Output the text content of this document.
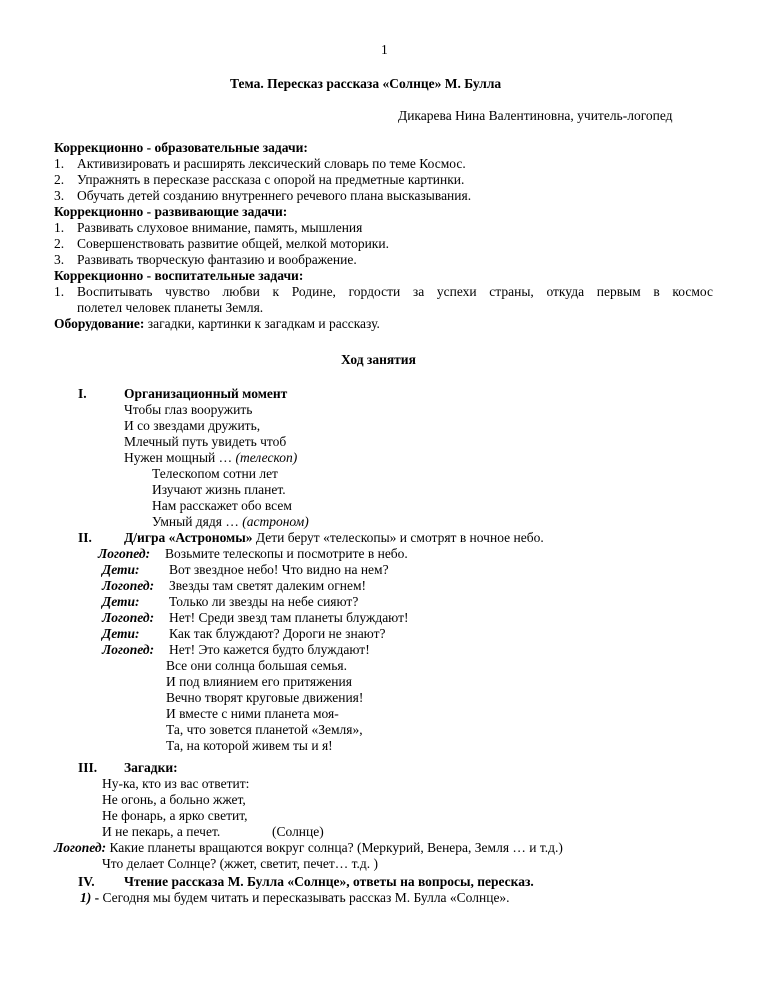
1
Тема. Пересказ рассказа «Солнце» М. Булла
Дикарева Нина Валентиновна, учитель-логопед
Коррекционно - образовательные задачи:
1. Активизировать и расширять лексический словарь по теме Космос.
2. Упражнять в пересказе рассказа с опорой на предметные картинки.
3. Обучать детей созданию внутреннего речевого плана высказывания.
Коррекционно - развивающие задачи:
1. Развивать слуховое внимание, память, мышления
2. Совершенствовать развитие общей, мелкой моторики.
3. Развивать творческую фантазию и воображение.
Коррекционно - воспитательные задачи:
1. Воспитывать чувство любви к Родине, гордости за успехи страны, откуда первым в космос
полетел человек планеты Земля.
Оборудование: загадки, картинки к загадкам и рассказу.
Ход занятия
I.	Организационный момент
Чтобы глаз вооружить
И со звездами дружить,
Млечный путь увидеть чтоб
Нужен мощный … (телескоп)
Телескопом сотни лет
Изучают жизнь планет.
Нам расскажет обо всем
Умный дядя … (астроном)
II. Д/игра «Астрономы» Дети берут «телескопы» и смотрят в ночное небо.
Логопед: Возьмите телескопы и посмотрите в небо.
Дети: Вот звездное небо! Что видно на нем?
Логопед: Звезды там светят далеким огнем!
Дети: Только ли звезды на небе сияют?
Логопед: Нет! Среди звезд там планеты блуждают!
Дети: Как так блуждают? Дороги не знают?
Логопед: Нет! Это кажется будто блуждают!
Все они солнца большая семья.
И под влиянием его притяжения
Вечно творят круговые движения!
И вместе с ними планета моя-
Та, что зовется планетой «Земля»,
Та, на которой живем ты и я!
III. Загадки:
Ну-ка, кто из вас ответит:
Не огонь, а больно жжет,
Не фонарь, а ярко светит,
И не пекарь, а печет.	(Солнце)
Логопед: Какие планеты вращаются вокруг солнца? (Меркурий, Венера, Земля … и т.д.)
Что делает Солнце? (жжет, светит, печет… т.д. )
IV. Чтение рассказа М. Булла «Солнце», ответы на вопросы, пересказ.
1) - Сегодня мы будем читать и пересказывать рассказ М. Булла «Солнце».
